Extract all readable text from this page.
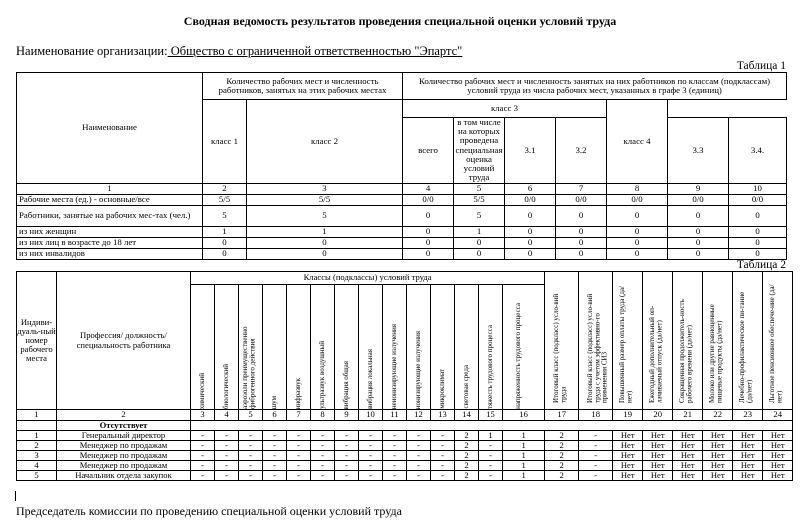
Сводная ведомость результатов проведения специальной оценки условий труда
Наименование организации: Общество с ограниченной ответственностью "Эпартс"
Таблица 1
Наименование	Количество рабочих мест и численность работников, занятых на этих рабочих местах		Количество рабочих мест и численность занятых на них работников по классам (подклассам) условий труда из числа рабочих мест, указанных в графе 3 (единиц)						
	класс 1	класс 2	класс 3				класс 4		
			всего	в том числе на которых проведена специальная оценка условий труда	3.1	3.2		3.3	3.4.
1	2	3	4	5	6	7	8	9	10
Рабочие места (ед.) - основные/все	5/5	5/5	0/0	5/5	0/0	0/0	0/0	0/0	0/0
Работники, занятые на рабочих мес-тах (чел.)	5	5	0	5	0	0	0	0	0
из них женщин	1	1	0	1	0	0	0	0	0
из них лиц в возрасте до 18 лет	0	0	0	0	0	0	0	0	0
из них инвалидов	0	0	0	0	0	0	0	0	0
Таблица 2
Индиви-дуаль-ный номер рабочего места	Профессия/ должность/ специальность работника	Классы (подклассы) условий труда														Итоговый класс (подкласс) усло-вий труда	Итоговый класс (подкласс) усло-вий труда с учетом эффективно-го применения СИЗ	Повышенный размер оплаты труда (да/нет)	Ежегодный дополнительный оп-лачиваемый отпуск (да/нет)	Сокращенная продолжитель-ность рабочего времени (да/нет)	Молоко или другие равноценные пищевые продукты (да/нет)	Лечебно-профилактическое пи-тание (да/нет)	Льготное пенсионное обеспече-ние (да/нет)

		химический	биологический	аэрозоли преимущественно фиброгенного действия	шум	инфразвук	ультразвук воздушный	вибрация общая	вибрация локальная	неионизирующие излучения	ионизирующие излучения	микроклимат	световая среда	тяжесть трудового процесса	напряженность трудового процесса								

1	2	3	4	5	6	7	8	9	10	11	12	13	14	15	16	17	18	19	20	21	22	23	24
	Отсутствует																						
1	Генеральный директор	-	-	-	-	-	-	-	-	-	-	-	2	1	1	2	-	Нет	Нет	Нет	Нет	Нет	Нет
2	Менеджер по продажам	-	-	-	-	-	-	-	-	-	-	-	2	-	1	2	-	Нет	Нет	Нет	Нет	Нет	Нет
3	Менеджер по продажам	-	-	-	-	-	-	-	-	-	-	-	2	-	1	2	-	Нет	Нет	Нет	Нет	Нет	Нет
4	Менеджер по продажам	-	-	-	-	-	-	-	-	-	-	-	2	-	1	2	-	Нет	Нет	Нет	Нет	Нет	Нет
5	Начальник отдела закупок	-	-	-	-	-	-	-	-	-	-	-	2	-	1	2	-	Нет	Нет	Нет	Нет	Нет	Нет
Председатель комиссии по проведению специальной оценки условий труда
